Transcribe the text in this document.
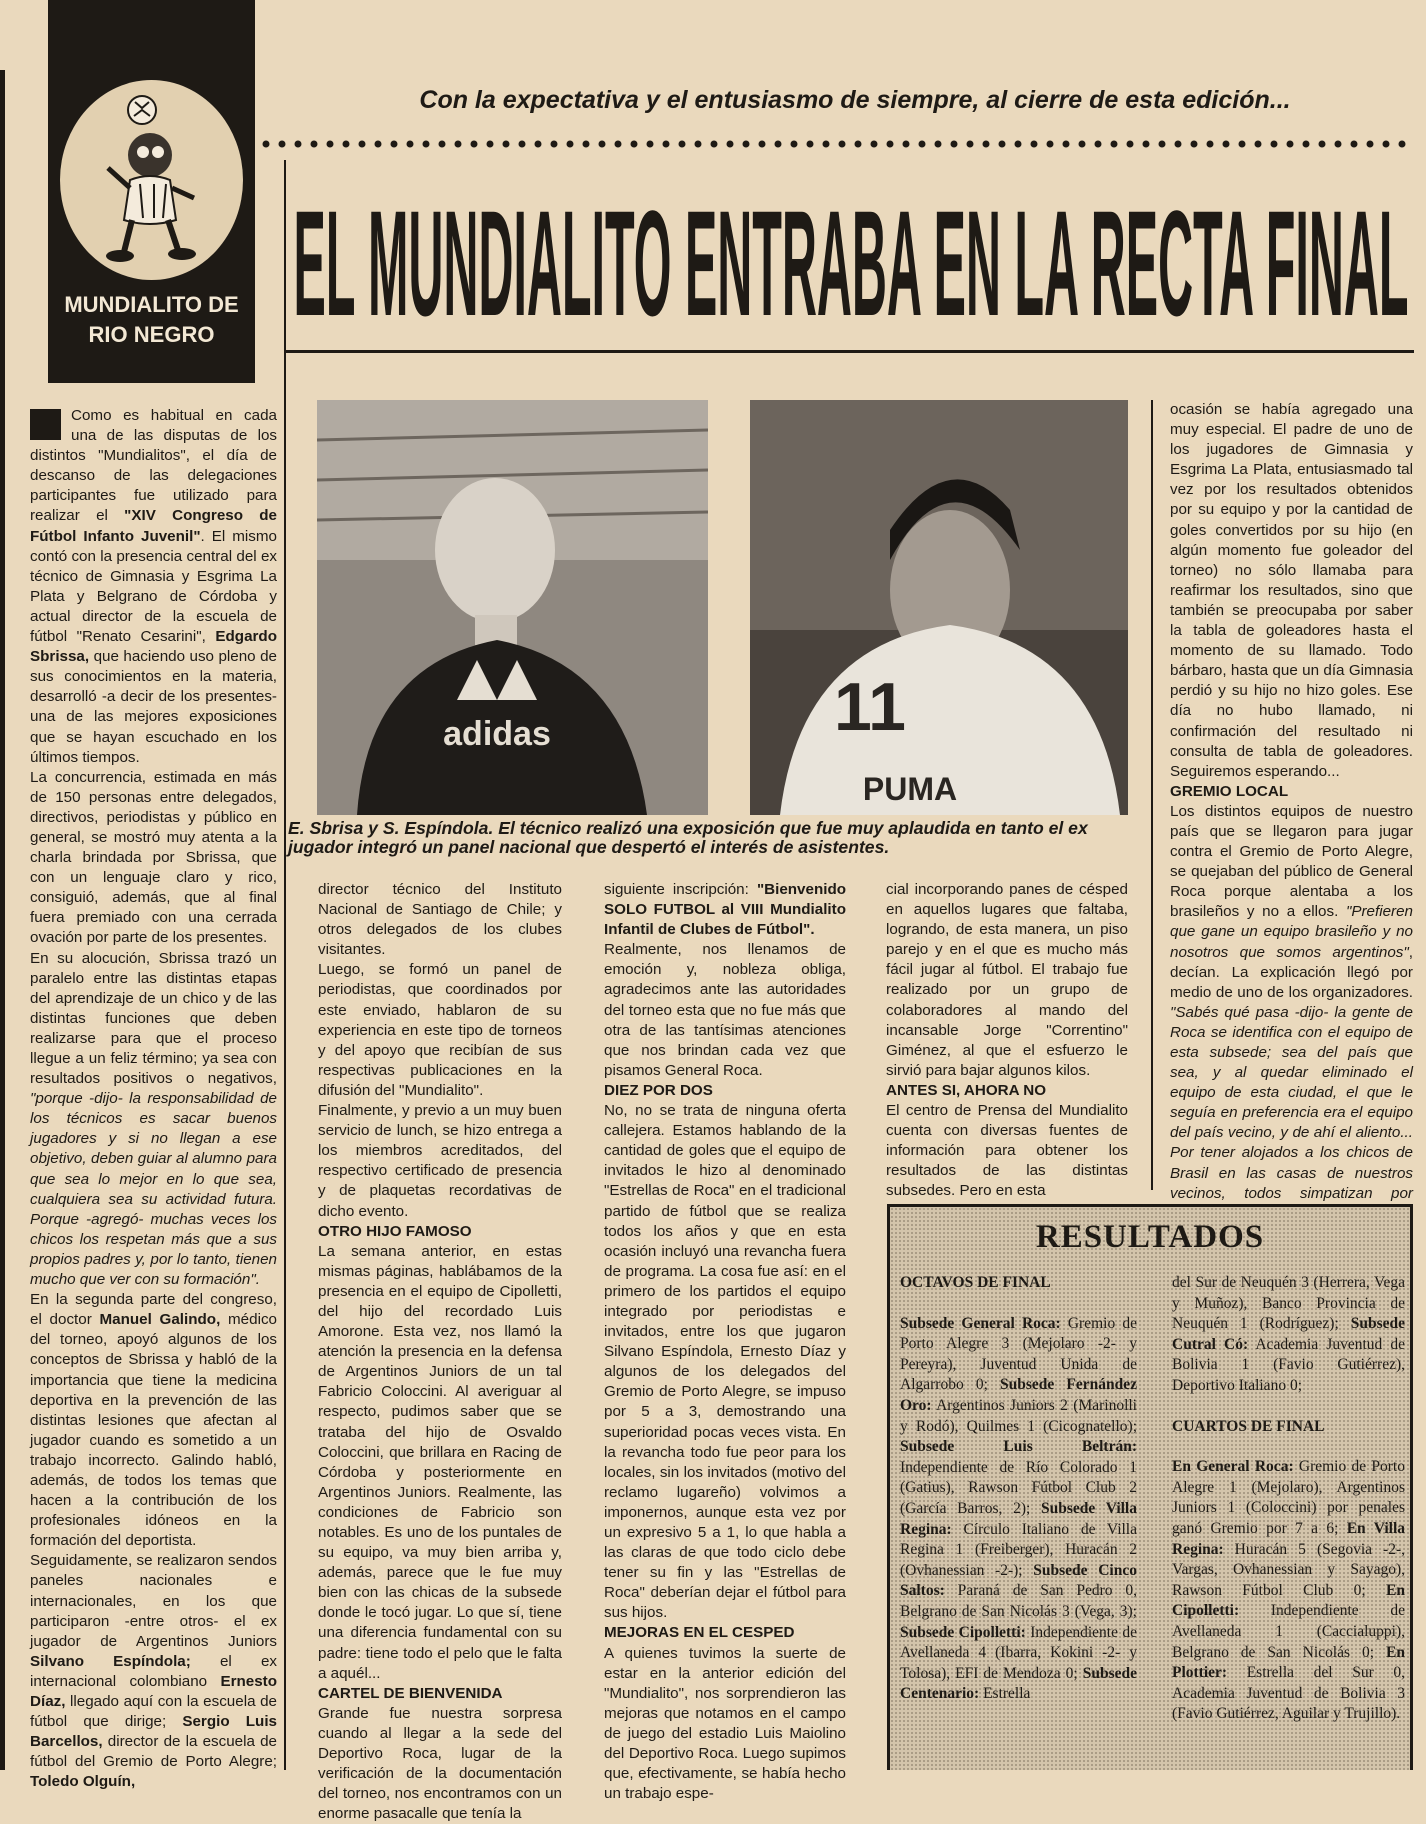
MUNDIALITO DE
RIO NEGRO
Con la expectativa y el entusiasmo de siempre, al cierre de esta edición...
EL MUNDIALITO ENTRABA EN LA RECTA FINAL
adidas	11
PUMA
E. Sbrisa y S. Espíndola. El técnico realizó una exposición que fue muy aplaudida en tanto el ex jugador integró un panel nacional que despertó el interés de asistentes.

Como es habitual en cada una de las disputas de los distintos "Mundialitos", el día de descanso de las delegaciones participantes fue utilizado para realizar el "XIV Congreso de Fútbol Infanto Juvenil". El mismo contó con la presencia central del ex técnico de Gimnasia y Esgrima La Plata y Belgrano de Córdoba y actual director de la escuela de fútbol "Renato Cesarini", Edgardo Sbrissa, que haciendo uso pleno de sus conocimientos en la materia, desarrolló -a decir de los presentes- una de las mejores exposiciones que se hayan escuchado en los últimos tiempos.

La concurrencia, estimada en más de 150 personas entre delegados, directivos, periodistas y público en general, se mostró muy atenta a la charla brindada por Sbrissa, que con un lenguaje claro y rico, consiguió, además, que al final fuera premiado con una cerrada ovación por parte de los presentes.

En su alocución, Sbrissa trazó un paralelo entre las distintas etapas del aprendizaje de un chico y de las distintas funciones que deben realizarse para que el proceso llegue a un feliz término; ya sea con resultados positivos o negativos, "porque -dijo- la responsabilidad de los técnicos es sacar buenos jugadores y si no llegan a ese objetivo, deben guiar al alumno para que sea lo mejor en lo que sea, cualquiera sea su actividad futura. Porque -agregó- muchas veces los chicos los respetan más que a sus propios padres y, por lo tanto, tienen mucho que ver con su formación".

En la segunda parte del congreso, el doctor Manuel Galindo, médico del torneo, apoyó algunos de los conceptos de Sbrissa y habló de la importancia que tiene la medicina deportiva en la prevención de las distintas lesiones que afectan al jugador cuando es sometido a un trabajo incorrecto. Galindo habló, además, de todos los temas que hacen a la contribución de los profesionales idóneos en la formación del deportista.

Seguidamente, se realizaron sendos paneles nacionales e internacionales, en los que participaron -entre otros- el ex jugador de Argentinos Juniors Silvano Espíndola; el ex internacional colombiano Ernesto Díaz, llegado aquí con la escuela de fútbol que dirige; Sergio Luis Barcellos, director de la escuela de fútbol del Gremio de Porto Alegre; Toledo Olguín,

director técnico del Instituto Nacional de Santiago de Chile; y otros delegados de los clubes visitantes.

Luego, se formó un panel de periodistas, que coordinados por este enviado, hablaron de su experiencia en este tipo de torneos y del apoyo que recibían de sus respectivas publicaciones en la difusión del "Mundialito".

Finalmente, y previo a un muy buen servicio de lunch, se hizo entrega a los miembros acreditados, del respectivo certificado de presencia y de plaquetas recordativas de dicho evento.

OTRO HIJO FAMOSO

La semana anterior, en estas mismas páginas, hablábamos de la presencia en el equipo de Cipolletti, del hijo del recordado Luis Amorone. Esta vez, nos llamó la atención la presencia en la defensa de Argentinos Juniors de un tal Fabricio Coloccini. Al averiguar al respecto, pudimos saber que se trataba del hijo de Osvaldo Coloccini, que brillara en Racing de Córdoba y posteriormente en Argentinos Juniors. Realmente, las condiciones de Fabricio son notables. Es uno de los puntales de su equipo, va muy bien arriba y, además, parece que le fue muy bien con las chicas de la subsede donde le tocó jugar. Lo que sí, tiene una diferencia fundamental con su padre: tiene todo el pelo que le falta a aquél...

CARTEL DE BIENVENIDA

Grande fue nuestra sorpresa cuando al llegar a la sede del Deportivo Roca, lugar de la verificación de la documentación del torneo, nos encontramos con un enorme pasacalle que tenía la

siguiente inscripción: "Bienvenido SOLO FUTBOL al VIII Mundialito Infantil de Clubes de Fútbol".

Realmente, nos llenamos de emoción y, nobleza obliga, agradecimos ante las autoridades del torneo esta que no fue más que otra de las tantísimas atenciones que nos brindan cada vez que pisamos General Roca.

DIEZ POR DOS

No, no se trata de ninguna oferta callejera. Estamos hablando de la cantidad de goles que el equipo de invitados le hizo al denominado "Estrellas de Roca" en el tradicional partido de fútbol que se realiza todos los años y que en esta ocasión incluyó una revancha fuera de programa. La cosa fue así: en el primero de los partidos el equipo integrado por periodistas e invitados, entre los que jugaron Silvano Espíndola, Ernesto Díaz y algunos de los delegados del Gremio de Porto Alegre, se impuso por 5 a 3, demostrando una superioridad pocas veces vista. En la revancha todo fue peor para los locales, sin los invitados (motivo del reclamo lugareño) volvimos a imponernos, aunque esta vez por un expresivo 5 a 1, lo que habla a las claras de que todo ciclo debe tener su fin y las "Estrellas de Roca" deberían dejar el fútbol para sus hijos.

MEJORAS EN EL CESPED

A quienes tuvimos la suerte de estar en la anterior edición del "Mundialito", nos sorprendieron las mejoras que notamos en el campo de juego del estadio Luis Maiolino del Deportivo Roca. Luego supimos que, efectivamente, se había hecho un trabajo espe-

cial incorporando panes de césped en aquellos lugares que faltaba, logrando, de esta manera, un piso parejo y en el que es mucho más fácil jugar al fútbol. El trabajo fue realizado por un grupo de colaboradores al mando del incansable Jorge "Correntino" Giménez, al que el esfuerzo le sirvió para bajar algunos kilos.

ANTES SI, AHORA NO

El centro de Prensa del Mundialito cuenta con diversas fuentes de información para obtener los resultados de las distintas subsedes. Pero en esta

ocasión se había agregado una muy especial. El padre de uno de los jugadores de Gimnasia y Esgrima La Plata, entusiasmado tal vez por los resultados obtenidos por su equipo y por la cantidad de goles convertidos por su hijo (en algún momento fue goleador del torneo) no sólo llamaba para reafirmar los resultados, sino que también se preocupaba por saber la tabla de goleadores hasta el momento de su llamado. Todo bárbaro, hasta que un día Gimnasia perdió y su hijo no hizo goles. Ese día no hubo llamado, ni confirmación del resultado ni consulta de tabla de goleadores. Seguiremos esperando...

GREMIO LOCAL

Los distintos equipos de nuestro país que se llegaron para jugar contra el Gremio de Porto Alegre, se quejaban del público de General Roca porque alentaba a los brasileños y no a ellos. "Prefieren que gane un equipo brasileño y no nosotros que somos argentinos", decían. La explicación llegó por medio de uno de los organizadores. "Sabés qué pasa -dijo- la gente de Roca se identifica con el equipo de esta subsede; sea del país que sea, y al quedar eliminado el equipo de esta ciudad, el que le seguía en preferencia era el equipo del país vecino, y de ahí el aliento... Por tener alojados a los chicos de Brasil en las casas de nuestros vecinos, todos simpatizan por

RESULTADOS

OCTAVOS DE FINAL

Subsede General Roca: Gremio de Porto Alegre 3 (Mejolaro -2- y Pereyra), Juventud Unida de Algarrobo 0; Subsede Fernández Oro: Argentinos Juniors 2 (Marinolli y Rodó), Quilmes 1 (Cicognatello); Subsede Luis Beltrán: Independiente de Río Colorado 1 (Gatius), Rawson Fútbol Club 2 (García Barros, 2); Subsede Villa Regina: Círculo Italiano de Villa Regina 1 (Freiberger), Huracán 2 (Ovhanessian -2-); Subsede Cinco Saltos: Paraná de San Pedro 0, Belgrano de San Nicolás 3 (Vega, 3); Subsede Cipolletti: Independiente de Avellaneda 4 (Ibarra, Kokini -2- y Tolosa), EFI de Mendoza 0; Subsede Centenario: Estrella

del Sur de Neuquén 3 (Herrera, Vega y Muñoz), Banco Provincia de Neuquén 1 (Rodríguez); Subsede Cutral Có: Academia Juventud de Bolivia 1 (Favio Gutiérrez), Deportivo Italiano 0;

CUARTOS DE FINAL

En General Roca: Gremio de Porto Alegre 1 (Mejolaro), Argentinos Juniors 1 (Coloccini) por penales ganó Gremio por 7 a 6; En Villa Regina: Huracán 5 (Segovia -2-, Vargas, Ovhanessian y Sayago), Rawson Fútbol Club 0; En Cipolletti: Independiente de Avellaneda 1 (Caccialuppi), Belgrano de San Nicolás 0; En Plottier: Estrella del Sur 0, Academia Juventud de Bolivia 3 (Favio Gutiérrez, Aguilar y Trujillo).
